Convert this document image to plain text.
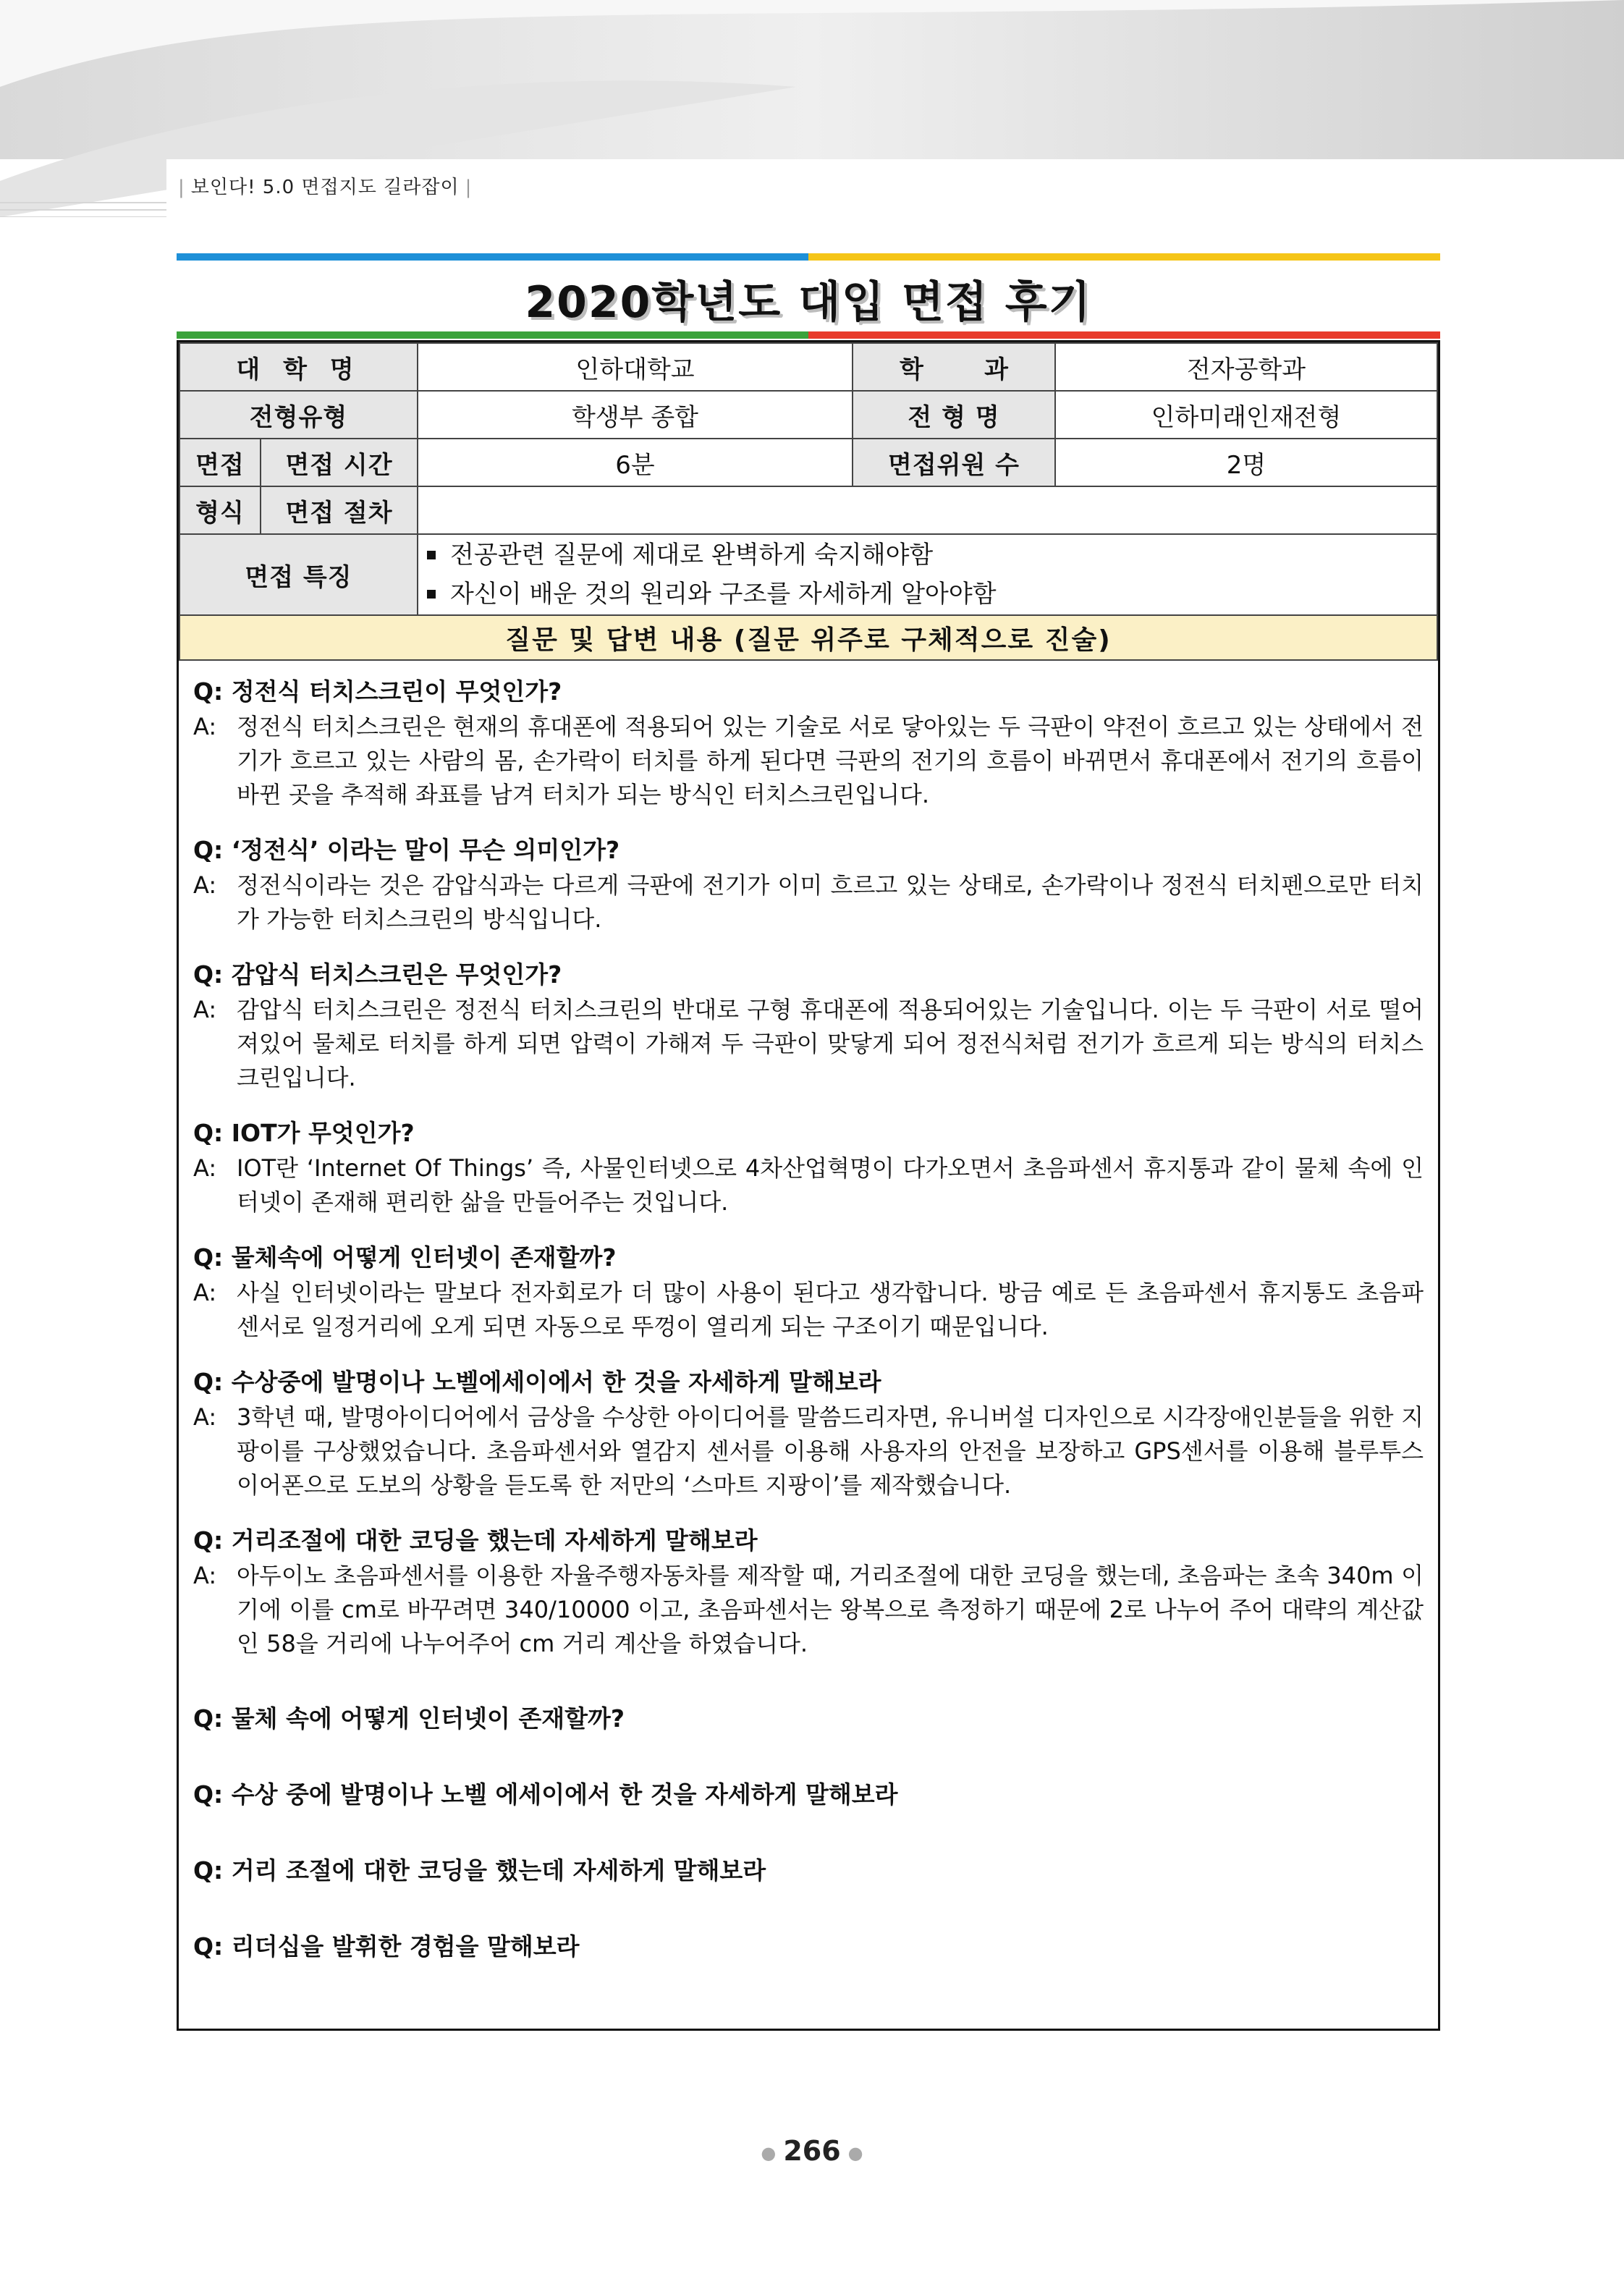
| 보인다! 5.0 면접지도 길라잡이 |
2020학년도 대입 면접 후기
대 학 명		인하대학교	학 과	전자공학과
전형유형		학생부 종합	전 형 명	인하미래인재전형
면접	면접 시간	6분	면접위원 수	2명
형식	면접 절차			
면접 특징		전공관련 질문에 제대로 완벽하게 숙지해야함
자신이 배운 것의 원리와 구조를 자세하게 알아야함		

질문 및 답변 내용 (질문 위주로 구체적으로 진술)				
Q: 정전식 터치스크린이 무엇인가?
A: 정전식 터치스크린은 현재의 휴대폰에 적용되어 있는 기술로 서로 닿아있는 두 극판이 약전이 흐르고 있는 상태에서 전기가 흐르고 있는 사람의 몸, 손가락이 터치를 하게 된다면 극판의 전기의 흐름이 바뀌면서 휴대폰에서 전기의 흐름이 바뀐 곳을 추적해 좌표를 남겨 터치가 되는 방식인 터치스크린입니다.
Q: ‘정전식’ 이라는 말이 무슨 의미인가?
A: 정전식이라는 것은 감압식과는 다르게 극판에 전기가 이미 흐르고 있는 상태로, 손가락이나 정전식 터치펜으로만 터치가 가능한 터치스크린의 방식입니다.
Q: 감압식 터치스크린은 무엇인가?
A: 감압식 터치스크린은 정전식 터치스크린의 반대로 구형 휴대폰에 적용되어있는 기술입니다. 이는 두 극판이 서로 떨어져있어 물체로 터치를 하게 되면 압력이 가해져 두 극판이 맞닿게 되어 정전식처럼 전기가 흐르게 되는 방식의 터치스크린입니다.
Q: IOT가 무엇인가?
A: IOT란 ‘Internet Of Things’ 즉, 사물인터넷으로 4차산업혁명이 다가오면서 초음파센서 휴지통과 같이 물체 속에 인터넷이 존재해 편리한 삶을 만들어주는 것입니다.
Q: 물체속에 어떻게 인터넷이 존재할까?
A: 사실 인터넷이라는 말보다 전자회로가 더 많이 사용이 된다고 생각합니다. 방금 예로 든 초음파센서 휴지통도 초음파 센서로 일정거리에 오게 되면 자동으로 뚜껑이 열리게 되는 구조이기 때문입니다.
Q: 수상중에 발명이나 노벨에세이에서 한 것을 자세하게 말해보라
A: 3학년 때, 발명아이디어에서 금상을 수상한 아이디어를 말씀드리자면, 유니버설 디자인으로 시각장애인분들을 위한 지팡이를 구상했었습니다. 초음파센서와 열감지 센서를 이용해 사용자의 안전을 보장하고 GPS센서를 이용해 블루투스 이어폰으로 도보의 상황을 듣도록 한 저만의 ‘스마트 지팡이’를 제작했습니다.
Q: 거리조절에 대한 코딩을 했는데 자세하게 말해보라
A: 아두이노 초음파센서를 이용한 자율주행자동차를 제작할 때, 거리조절에 대한 코딩을 했는데, 초음파는 초속 340m 이기에 이를 cm로 바꾸려면 340/10000 이고, 초음파센서는 왕복으로 측정하기 때문에 2로 나누어 주어 대략의 계산값인 58을 거리에 나누어주어 cm 거리 계산을 하였습니다.
Q: 물체 속에 어떻게 인터넷이 존재할까?
Q: 수상 중에 발명이나 노벨 에세이에서 한 것을 자세하게 말해보라
Q: 거리 조절에 대한 코딩을 했는데 자세하게 말해보라
Q: 리더십을 발휘한 경험을 말해보라
● 266 ●
